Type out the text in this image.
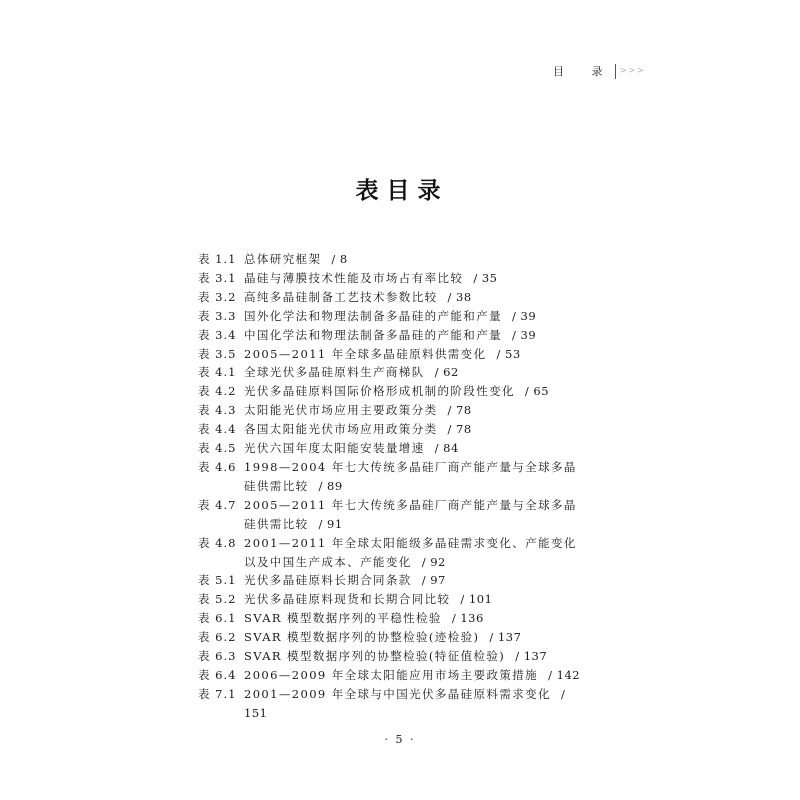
目 录 >>>
表目录
表 1.1 总体研究框架 / 8
表 3.1 晶硅与薄膜技术性能及市场占有率比较 / 35
表 3.2 高纯多晶硅制备工艺技术参数比较 / 38
表 3.3 国外化学法和物理法制备多晶硅的产能和产量 / 39
表 3.4 中国化学法和物理法制备多晶硅的产能和产量 / 39
表 3.5 2005—2011 年全球多晶硅原料供需变化 / 53
表 4.1 全球光伏多晶硅原料生产商梯队 / 62
表 4.2 光伏多晶硅原料国际价格形成机制的阶段性变化 / 65
表 4.3 太阳能光伏市场应用主要政策分类 / 78
表 4.4 各国太阳能光伏市场应用政策分类 / 78
表 4.5 光伏六国年度太阳能安装量增速 / 84
表 4.6 1998—2004 年七大传统多晶硅厂商产能产量与全球多晶硅供需比较 / 89
表 4.7 2005—2011 年七大传统多晶硅厂商产能产量与全球多晶硅供需比较 / 91
表 4.8 2001—2011 年全球太阳能级多晶硅需求变化、产能变化以及中国生产成本、产能变化 / 92
表 5.1 光伏多晶硅原料长期合同条款 / 97
表 5.2 光伏多晶硅原料现货和长期合同比较 / 101
表 6.1 SVAR 模型数据序列的平稳性检验 / 136
表 6.2 SVAR 模型数据序列的协整检验(迹检验) / 137
表 6.3 SVAR 模型数据序列的协整检验(特征值检验) / 137
表 6.4 2006—2009 年全球太阳能应用市场主要政策措施 / 142
表 7.1 2001—2009 年全球与中国光伏多晶硅原料需求变化 / 151
· 5 ·
